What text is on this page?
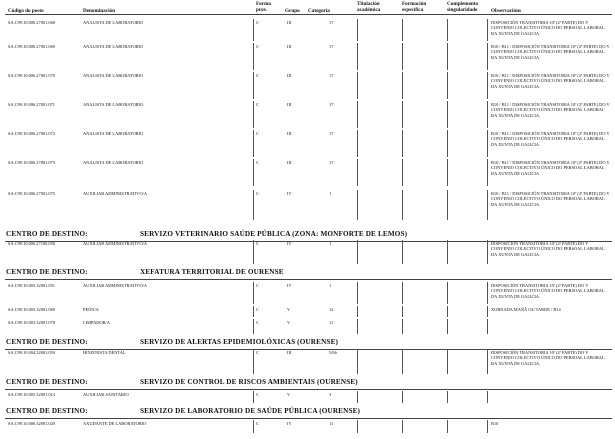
Código do posto	Denominación
Forma
prov.	Grupo Categoría
Titulación
académica
Formación
específica
Complemento
singularidade	Observacións
SA.C99.10.006.27001.068	ANALISTA DE LABORATORIO	C	III	17	DISPOSICIÓN TRANSITORIA 10ª (2ª PARTE) DO V CONVENIO COLECTIVO ÚNICO DO PERSOAL LABORAL DA XUNTA DE GALICIA.
SA.C99.10.006.27001.069	ANALISTA DE LABORATORIO	C	III	17	B10 / B11 / DISPOSICIÓN TRANSITORIA 10ª (2ª PARTE) DO V CONVENIO COLECTIVO ÚNICO DO PERSOAL LABORAL DA XUNTA DE GALICIA.
SA.C99.10.006.27001.070	ANALISTA DE LABORATORIO	C	III	17	B10 / B11 / DISPOSICIÓN TRANSITORIA 10ª (2ª PARTE) DO V CONVENIO COLECTIVO ÚNICO DO PERSOAL LABORAL DA XUNTA DE GALICIA.
SA.C99.10.006.27001.071	ANALISTA DE LABORATORIO	C	III	17	B10 / B11 / DISPOSICIÓN TRANSITORIA 10ª (2ª PARTE) DO V CONVENIO COLECTIVO ÚNICO DO PERSOAL LABORAL DA XUNTA DE GALICIA.
SA.C99.10.006.27001.072	ANALISTA DE LABORATORIO	C	III	17	B10 / B11 / DISPOSICIÓN TRANSITORIA 10ª (2ª PARTE) DO V CONVENIO COLECTIVO ÚNICO DO PERSOAL LABORAL DA XUNTA DE GALICIA.
SA.C99.10.006.27001.073	ANALISTA DE LABORATORIO	C	III	17	B10 / B11 / DISPOSICIÓN TRANSITORIA 10ª (2ª PARTE) DO V CONVENIO COLECTIVO ÚNICO DO PERSOAL LABORAL DA XUNTA DE GALICIA.
SA.C99.10.006.27001.075	AUXILIAR ADMINISTRATIVO/A	C	IV	1	B10 / B11 / DISPOSICIÓN TRANSITORIA 10ª (2ª PARTE) DO V CONVENIO COLECTIVO ÚNICO DO PERSOAL LABORAL DA XUNTA DE GALICIA.
CENTRO DE DESTINO:	SERVIZO VETERINARIO SAÚDE PÚBLICA (ZONA: MONFORTE DE LEMOS)
SA.C99.10.006.27100.050	AUXILIAR ADMINISTRATIVO/A	C	IV	1	DISPOSICIÓN TRANSITORIA 10ª (2ª PARTE) DO V CONVENIO COLECTIVO ÚNICO DO PERSOAL LABORAL DA XUNTA DE GALICIA.
CENTRO DE DESTINO:	XEFATURA TERRITORIAL DE OURENSE
SA.C99.10.003.32001.051	AUXILIAR ADMINISTRATIVO/A	C	IV	1	DISPOSICIÓN TRANSITORIA 10ª (2ª PARTE) DO V CONVENIO COLECTIVO ÚNICO DO PERSOAL LABORAL DA XUNTA DE GALICIA.
SA.C99.10.003.32001.069	PEÓN/A	C	V	12	XORNADA MAÑÁ OU TARDE / B14
SA.C99.10.003.32001.070	LIMPADOR/A	C	V	11
CENTRO DE DESTINO:	SERVIZO DE ALERTAS EPIDEMIOLÓXICAS (OURENSE)
SA.C99.10.004.32001.050	HIXIENISTA DENTAL	C	III	5/6b	DISPOSICIÓN TRANSITORIA 10ª (2ª PARTE) DO V CONVENIO COLECTIVO ÚNICO DO PERSOAL LABORAL DA XUNTA DE GALICIA.
CENTRO DE DESTINO:	SERVIZO DE CONTROL DE RISCOS AMBIENTAIS (OURENSE)
SA.C99.10.005.32001.014	AUXILIAR SANITARIO	C	V	3
CENTRO DE DESTINO:	SERVIZO DE LABORATORIO DE SAÚDE PÚBLICA (OURENSE)
SA.C99.10.006.32001.020	AXUDANTE DE LABORATORIO	C	IV	11	B10
